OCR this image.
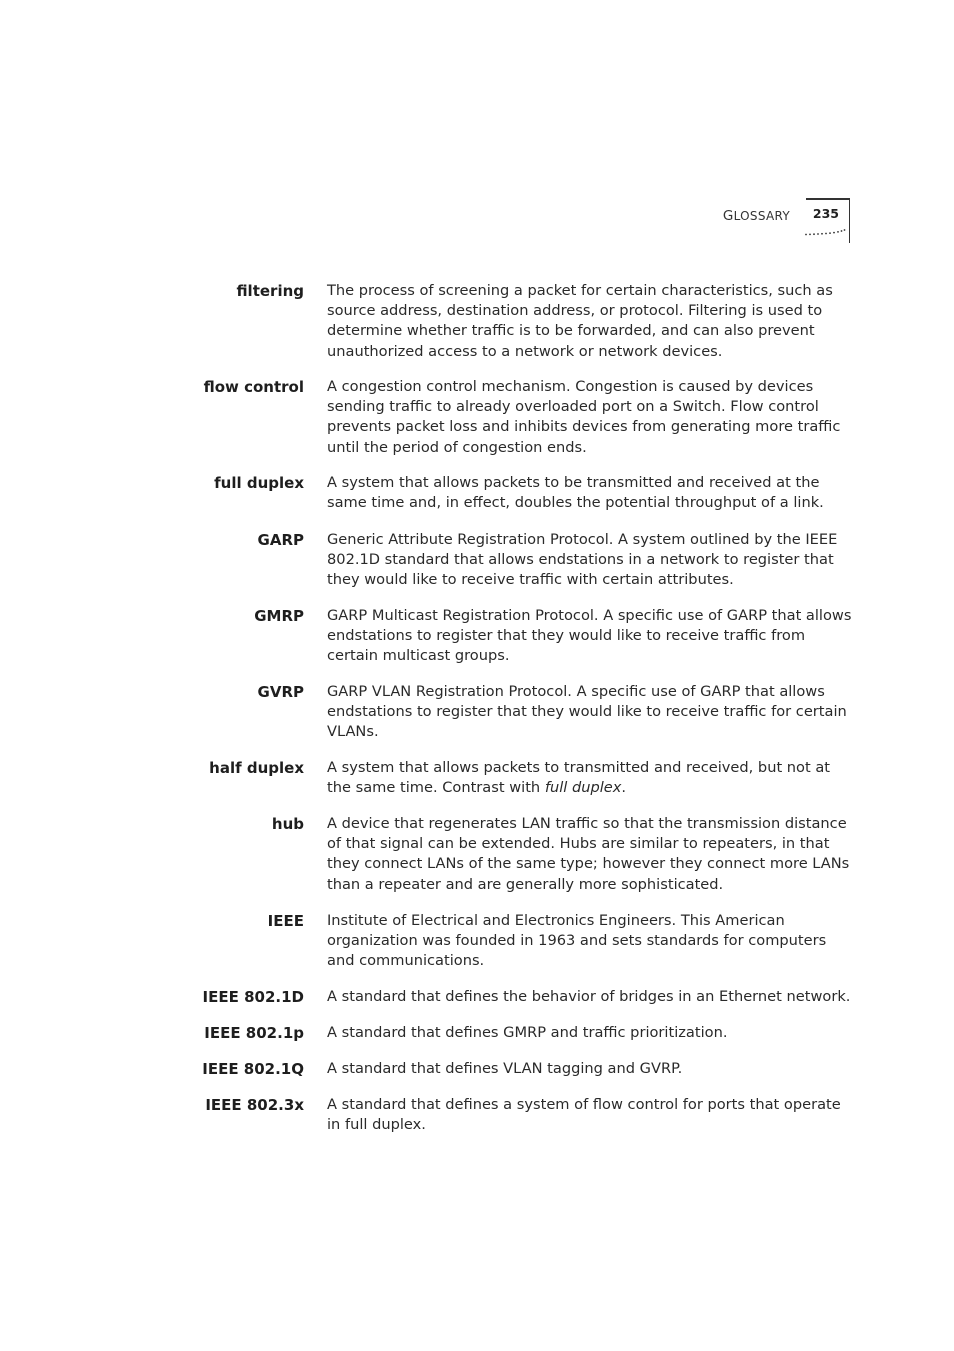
GLOSSARY 235
filtering The process of screening a packet for certain characteristics, such as source address, destination address, or protocol. Filtering is used to determine whether traffic is to be forwarded, and can also prevent unauthorized access to a network or network devices.
flow control A congestion control mechanism. Congestion is caused by devices sending traffic to already overloaded port on a Switch. Flow control prevents packet loss and inhibits devices from generating more traffic until the period of congestion ends.
full duplex A system that allows packets to be transmitted and received at the same time and, in effect, doubles the potential throughput of a link.
GARP Generic Attribute Registration Protocol. A system outlined by the IEEE 802.1D standard that allows endstations in a network to register that they would like to receive traffic with certain attributes.
GMRP GARP Multicast Registration Protocol. A specific use of GARP that allows endstations to register that they would like to receive traffic from certain multicast groups.
GVRP GARP VLAN Registration Protocol. A specific use of GARP that allows endstations to register that they would like to receive traffic for certain VLANs.
half duplex A system that allows packets to transmitted and received, but not at the same time. Contrast with full duplex.
hub A device that regenerates LAN traffic so that the transmission distance of that signal can be extended. Hubs are similar to repeaters, in that they connect LANs of the same type; however they connect more LANs than a repeater and are generally more sophisticated.
IEEE Institute of Electrical and Electronics Engineers. This American organization was founded in 1963 and sets standards for computers and communications.
IEEE 802.1D A standard that defines the behavior of bridges in an Ethernet network.
IEEE 802.1p A standard that defines GMRP and traffic prioritization.
IEEE 802.1Q A standard that defines VLAN tagging and GVRP.
IEEE 802.3x A standard that defines a system of flow control for ports that operate in full duplex.
